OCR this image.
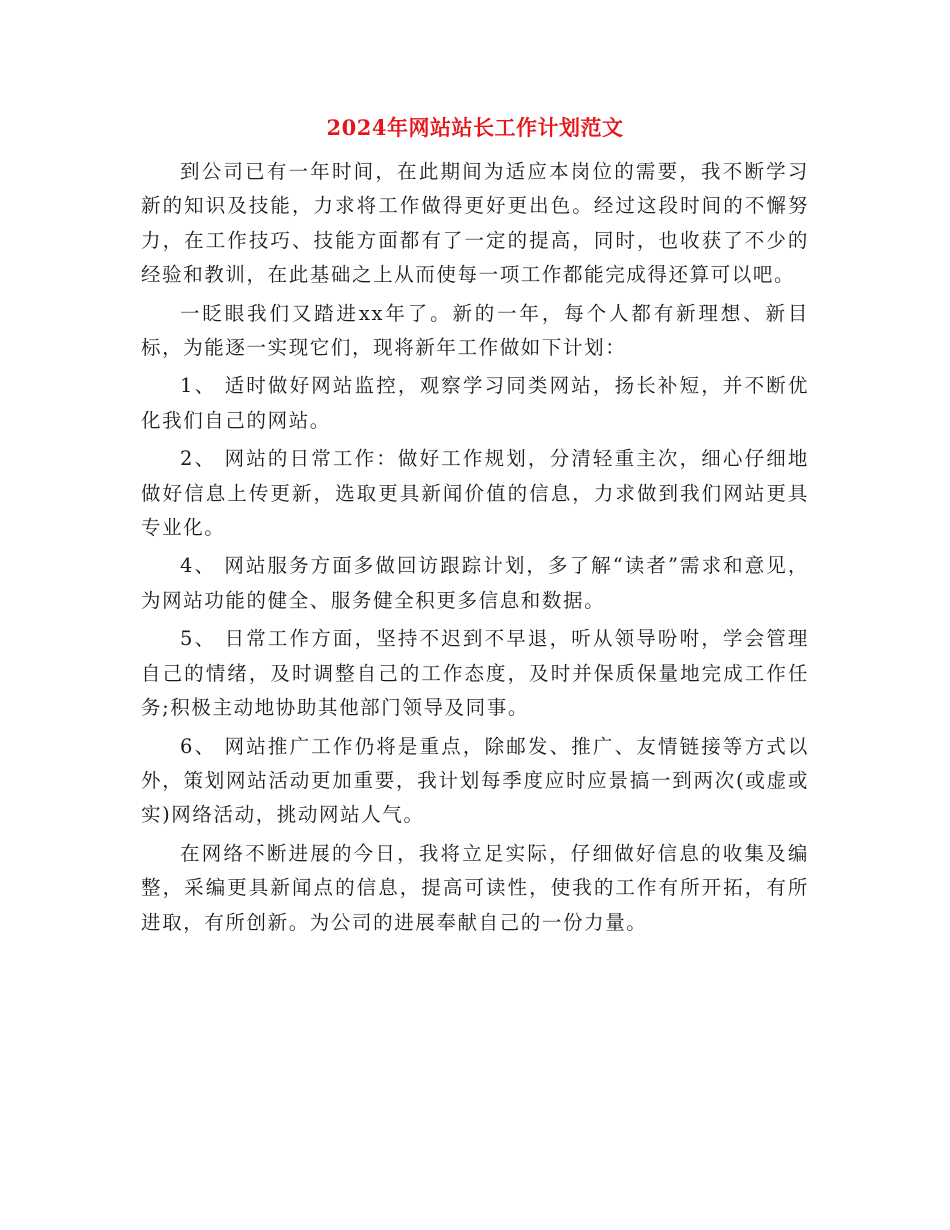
2024年网站站长工作计划范文

到公司已有一年时间，在此期间为适应本岗位的需要，我不断学习新的知识及技能，力求将工作做得更好更出色。经过这段时间的不懈努力，在工作技巧、技能方面都有了一定的提高，同时，也收获了不少的经验和教训，在此基础之上从而使每一项工作都能完成得还算可以吧。

一眨眼我们又踏进xx年了。新的一年，每个人都有新理想、新目标，为能逐一实现它们，现将新年工作做如下计划：

1、 适时做好网站监控，观察学习同类网站，扬长补短，并不断优化我们自己的网站。

2、 网站的日常工作：做好工作规划，分清轻重主次，细心仔细地做好信息上传更新，选取更具新闻价值的信息，力求做到我们网站更具专业化。

4、 网站服务方面多做回访跟踪计划，多了解“读者”需求和意见，为网站功能的健全、服务健全积更多信息和数据。

5、 日常工作方面，坚持不迟到不早退，听从领导吩咐，学会管理自己的情绪，及时调整自己的工作态度，及时并保质保量地完成工作任务;积极主动地协助其他部门领导及同事。

6、 网站推广工作仍将是重点，除邮发、推广、友情链接等方式以外，策划网站活动更加重要，我计划每季度应时应景搞一到两次(或虚或实)网络活动，挑动网站人气。

在网络不断进展的今日，我将立足实际，仔细做好信息的收集及编整，采编更具新闻点的信息，提高可读性，使我的工作有所开拓，有所进取，有所创新。为公司的进展奉献自己的一份力量。
